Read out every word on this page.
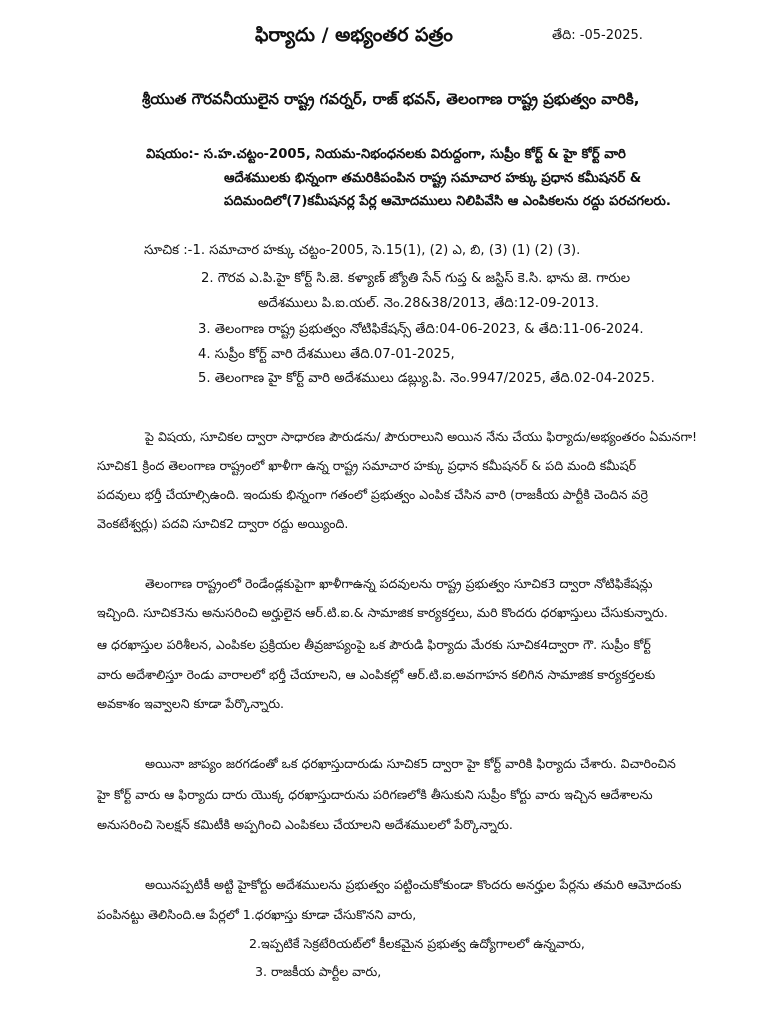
ఫిర్యాదు / అభ్యంతర పత్రం	తేది: -05-2025.
శ్రీయుత గౌరవనీయులైన రాష్ట్ర గవర్నర్, రాజ్ భవన్, తెలంగాణ రాష్ట్ర ప్రభుత్వం వారికి,
విషయం:- స.హ.చట్టం-2005, నియమ-నిభంధనలకు విరుద్దంగా, సుప్రీం కోర్ట్ & హై కోర్ట్ వారి
ఆదేశములకు భిన్నంగా తమరికిపంపిన రాష్ట్ర సమాచార హక్కు ప్రధాన కమీషనర్ &
పదిమందిలో(7)కమీషనర్ల పేర్ల ఆమోదములు నిలిపివేసి ఆ ఎంపికలను రద్దు పరచగలరు.
సూచిక :-1. సమాచార హక్కు చట్టం-2005, సె.15(1), (2) ఎ, బి, (3) (1) (2) (3).
2. గౌరవ ఎ.పి.హై కోర్ట్ సి.జె. కళ్యాణ్ జ్యోతి సేన్ గుప్త & జస్టిస్ కె.సి. భాను జె. గారుల
అదేశములు పి.ఐ.యల్. నెం.28&38/2013, తేది:12-09-2013.
3. తెలంగాణ రాష్ట్ర ప్రభుత్వం నోటిఫికేషన్స్ తేది:04-06-2023, & తేది:11-06-2024.
4. సుప్రీం కోర్ట్ వారి దేశములు తేది.07-01-2025,
5. తెలంగాణ హై కోర్ట్ వారి అదేశములు డబ్ల్యు.పి. నెం.9947/2025, తేది.02-04-2025.
పై విషయ, సూచికల ద్వారా సాధారణ పౌరుడను/ పౌరురాలుని అయిన నేను చేయు ఫిర్యాదు/అభ్యంతరం ఏమనగా!
సూచిక1 క్రింద తెలంగాణ రాష్ట్రంలో ఖాళీగా ఉన్న రాష్ట్ర సమాచార హక్కు ప్రధాన కమీషనర్ & పది మంది కమీషర్
పదవులు భర్తీ చేయాల్సిఉంది. ఇందుకు భిన్నంగా గతంలో ప్రభుత్వం ఎంపిక చేసిన వారి (రాజకీయ పార్టీకి చెందిన వర్రె
వెంకటేశ్వర్లు) పదవి సూచిక2 ద్వారా రద్దు అయ్యింది.
తెలంగాణ రాష్ట్రంలో రెండేండ్లకుపైగా ఖాళీగాఉన్న పదవులను రాష్ట్ర ప్రభుత్వం సూచిక3 ద్వారా నోటిఫికేషన్లు
ఇచ్చింది. సూచిక3ను అనుసరించి అర్హులైన ఆర్.టి.ఐ.& సామాజిక కార్యకర్తలు, మరి కొందరు ధరఖాస్తులు చేసుకున్నారు.
ఆ ధరఖాస్తుల పరిశీలన, ఎంపికల ప్రక్రియల తీవ్రజాప్యంపై ఒక పౌరుడి ఫిర్యాదు మేరకు సూచిక4ద్వారా గౌ. సుప్రీం కోర్ట్
వారు అదేశాలిస్తూ రెండు వారాలలో భర్తీ చేయాలని, ఆ ఎంపికల్లో ఆర్.టి.ఐ.అవగాహన కలిగిన సామాజిక కార్యకర్తలకు
అవకాశం ఇవ్వాలని కూడా పేర్కొన్నారు.
అయినా జాప్యం జరగడంతో ఒక ధరఖాస్తుదారుడు సూచిక5 ద్వారా హై కోర్ట్ వారికి ఫిర్యాదు చేశారు. విచారించిన
హై కోర్ట్ వారు ఆ ఫిర్యాదు దారు యొక్క ధరఖాస్తుదారును పరిగణలోకి తీసుకుని సుప్రీం కోర్టు వారు ఇచ్చిన ఆదేశాలను
అనుసరించి సెలక్షన్ కమిటీకి అప్పగించి ఎంపికలు చేయాలని అదేశములలో పేర్కొన్నారు.
అయినప్పటికీ అట్టి హైకోర్టు అదేశములను ప్రభుత్వం పట్టించుకోకుండా కొందరు అనర్హుల పేర్లను తమరి ఆమోదంకు
పంపినట్టు తెలిసింది.ఆ పేర్లలో 1.ధరఖాస్తు కూడా చేసుకొనని వారు,
2.ఇప్పటికే సెక్రటేరియట్‌లో కీలకమైన ప్రభుత్వ ఉద్యోగాలలో ఉన్నవారు,
3. రాజకీయ పార్టీల వారు,
